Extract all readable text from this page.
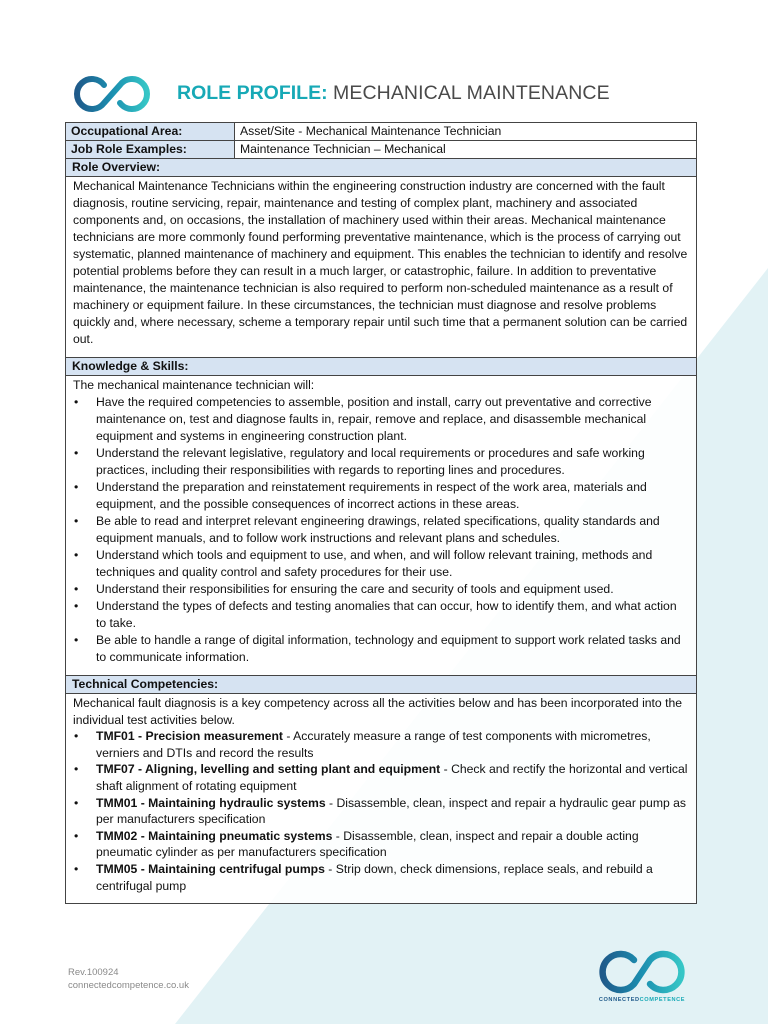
ROLE PROFILE: MECHANICAL MAINTENANCE
Occupational Area:	Asset/Site - Mechanical Maintenance Technician
Job Role Examples:	Maintenance Technician – Mechanical
Role Overview:

Mechanical Maintenance Technicians within the engineering construction industry are concerned with the fault diagnosis, routine servicing, repair, maintenance and testing of complex plant, machinery and associated components and, on occasions, the installation of machinery used within their areas. Mechanical maintenance technicians are more commonly found performing preventative maintenance, which is the process of carrying out systematic, planned maintenance of machinery and equipment. This enables the technician to identify and resolve potential problems before they can result in a much larger, or catastrophic, failure. In addition to preventative maintenance, the maintenance technician is also required to perform non-scheduled maintenance as a result of machinery or equipment failure. In these circumstances, the technician must diagnose and resolve problems quickly and, where necessary, scheme a temporary repair until such time that a permanent solution can be carried out.

Knowledge & Skills:

The mechanical maintenance technician will:

• Have the required competencies to assemble, position and install, carry out preventative and corrective maintenance on, test and diagnose faults in, repair, remove and replace, and disassemble mechanical equipment and systems in engineering construction plant.
• Understand the relevant legislative, regulatory and local requirements or procedures and safe working practices, including their responsibilities with regards to reporting lines and procedures.
• Understand the preparation and reinstatement requirements in respect of the work area, materials and equipment, and the possible consequences of incorrect actions in these areas.
• Be able to read and interpret relevant engineering drawings, related specifications, quality standards and equipment manuals, and to follow work instructions and relevant plans and schedules.
• Understand which tools and equipment to use, and when, and will follow relevant training, methods and techniques and quality control and safety procedures for their use.
• Understand their responsibilities for ensuring the care and security of tools and equipment used.
• Understand the types of defects and testing anomalies that can occur, how to identify them, and what action to take.
• Be able to handle a range of digital information, technology and equipment to support work related tasks and to communicate information.
Technical Competencies:

Mechanical fault diagnosis is a key competency across all the activities below and has been incorporated into the individual test activities below.

• TMF01 - Precision measurement - Accurately measure a range of test components with micrometres, verniers and DTIs and record the results
• TMF07 - Aligning, levelling and setting plant and equipment - Check and rectify the horizontal and vertical shaft alignment of rotating equipment
• TMM01 - Maintaining hydraulic systems - Disassemble, clean, inspect and repair a hydraulic gear pump as per manufacturers specification
• TMM02 - Maintaining pneumatic systems - Disassemble, clean, inspect and repair a double acting pneumatic cylinder as per manufacturers specification
• TMM05 - Maintaining centrifugal pumps - Strip down, check dimensions, replace seals, and rebuild a centrifugal pump
Rev.100924
connectedcompetence.co.uk
CONNECTEDCOMPETENCE
